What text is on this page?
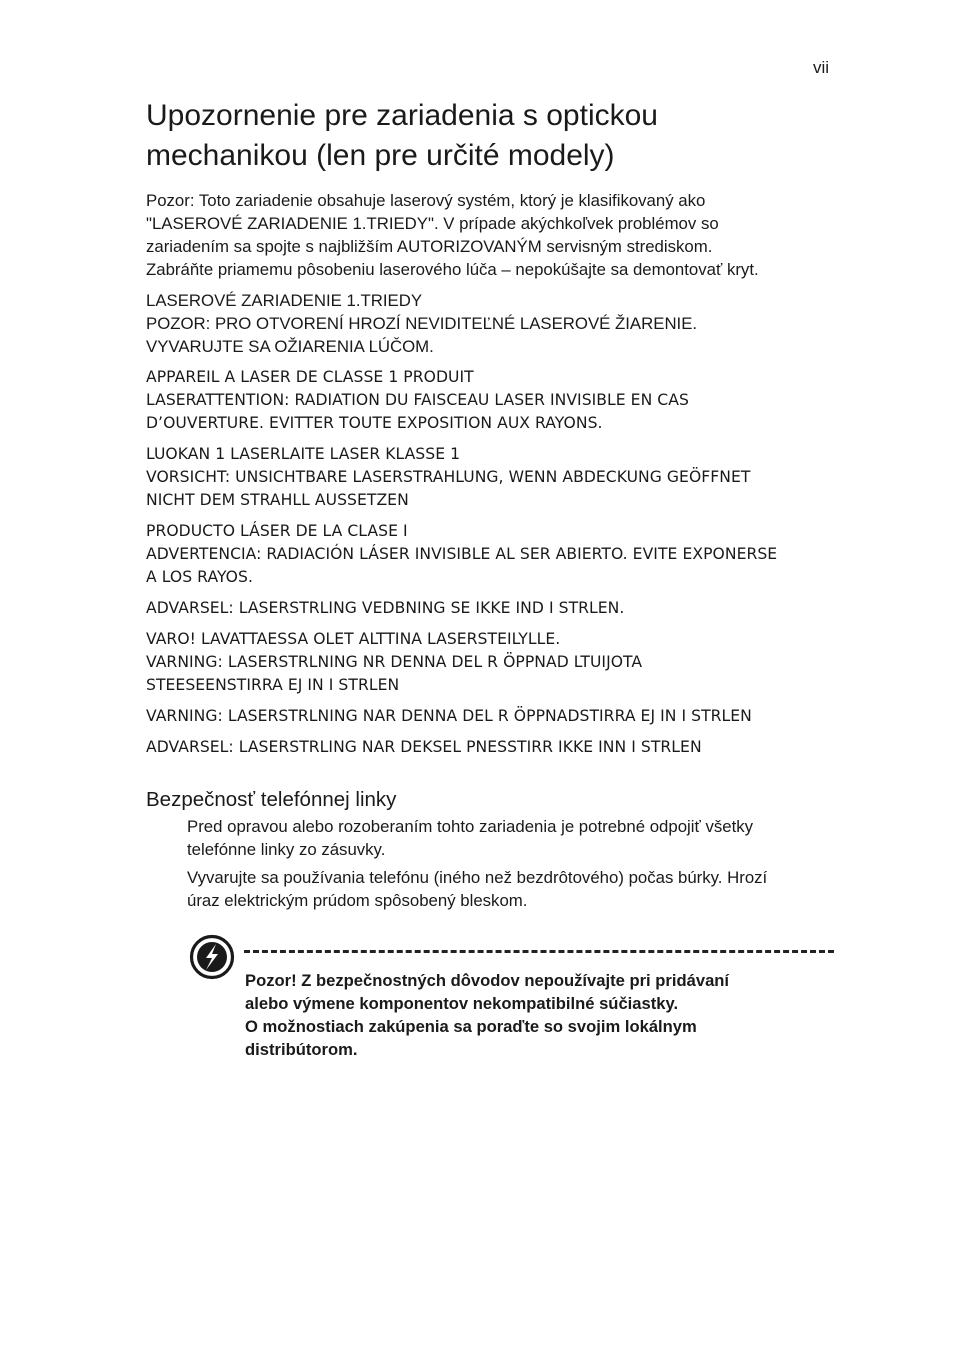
vii
Upozornenie pre zariadenia s optickou
mechanikou (len pre určité modely)
Pozor: Toto zariadenie obsahuje laserový systém, ktorý je klasifikovaný ako
"LASEROVÉ ZARIADENIE 1.TRIEDY". V prípade akýchkoľvek problémov so
zariadením sa spojte s najbližším AUTORIZOVANÝM servisným strediskom.
Zabráňte priamemu pôsobeniu laserového lúča – nepokúšajte sa demontovať kryt.
LASEROVÉ ZARIADENIE 1.TRIEDY
POZOR: PRO OTVORENÍ HROZÍ NEVIDITEĽNÉ LASEROVÉ ŽIARENIE.
VYVARUJTE SA OŽIARENIA LÚČOM.
APPAREIL A LASER DE CLASSE 1 PRODUIT
LASERATTENTION: RADIATION DU FAISCEAU LASER INVISIBLE EN CAS
D’OUVERTURE. EVITTER TOUTE EXPOSITION AUX RAYONS.
LUOKAN 1 LASERLAITE LASER KLASSE 1
VORSICHT: UNSICHTBARE LASERSTRAHLUNG, WENN ABDECKUNG GEÖFFNET
NICHT DEM STRAHLL AUSSETZEN
PRODUCTO LÁSER DE LA CLASE I
ADVERTENCIA: RADIACIÓN LÁSER INVISIBLE AL SER ABIERTO. EVITE EXPONERSE
A LOS RAYOS.
ADVARSEL: LASERSTRLING VEDBNING SE IKKE IND I STRLEN.
VARO! LAVATTAESSA OLET ALTTINA LASERSTEILYLLE.
VARNING: LASERSTRLNING NR DENNA DEL R ÖPPNAD LTUIJOTA
STEESEENSTIRRA EJ IN I STRLEN
VARNING: LASERSTRLNING NAR DENNA DEL R ÖPPNADSTIRRA EJ IN I STRLEN
ADVARSEL: LASERSTRLING NAR DEKSEL PNESSTIRR IKKE INN I STRLEN
Bezpečnosť telefónnej linky
Pred opravou alebo rozoberaním tohto zariadenia je potrebné odpojiť všetky
telefónne linky zo zásuvky.
Vyvarujte sa používania telefónu (iného než bezdrôtového) počas búrky. Hrozí
úraz elektrickým prúdom spôsobený bleskom.
Pozor! Z bezpečnostných dôvodov nepoužívajte pri pridávaní
alebo výmene komponentov nekompatibilné súčiastky.
O možnostiach zakúpenia sa poraďte so svojim lokálnym
distribútorom.
